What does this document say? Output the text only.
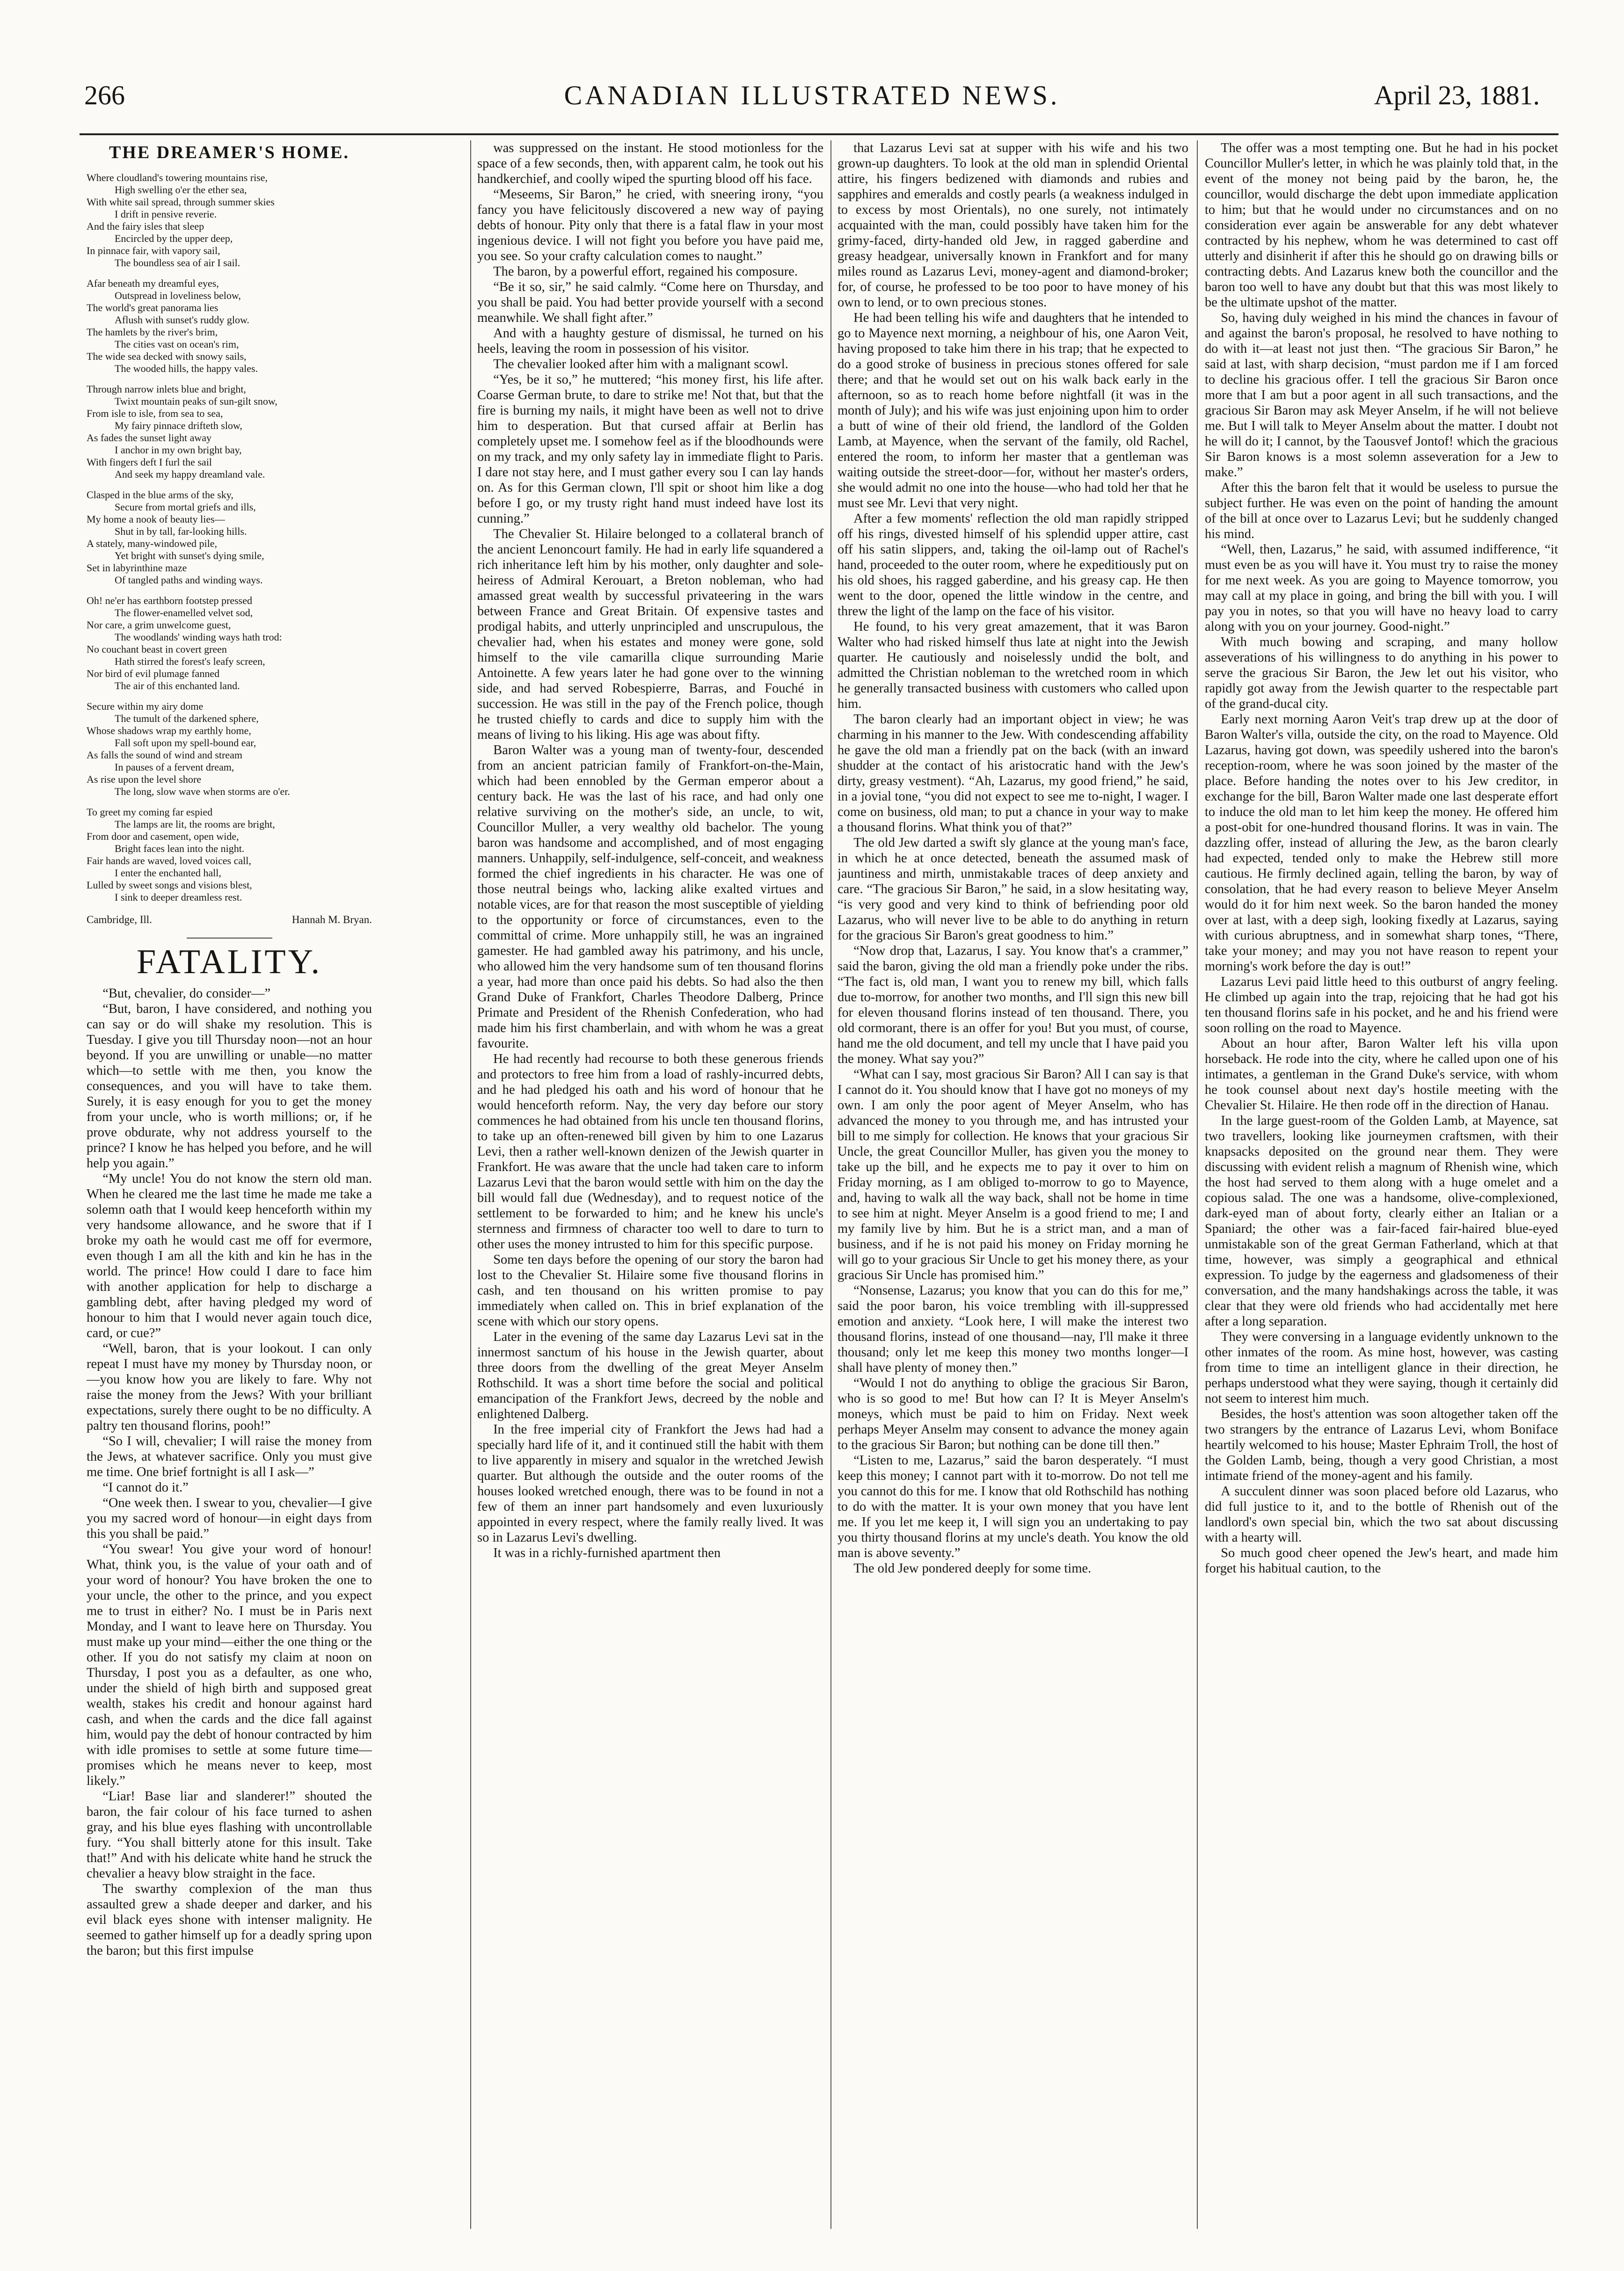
266	CANADIAN ILLUSTRATED NEWS.	April 23, 1881.
THE DREAMER'S HOME.
Where cloudland's towering mountains rise,
High swelling o'er the ether sea,
With white sail spread, through summer skies
I drift in pensive reverie.
And the fairy isles that sleep
Encircled by the upper deep,
In pinnace fair, with vapory sail,
The boundless sea of air I sail.
Afar beneath my dreamful eyes,
Outspread in loveliness below,
The world's great panorama lies
Aflush with sunset's ruddy glow.
The hamlets by the river's brim,
The cities vast on ocean's rim,
The wide sea decked with snowy sails,
The wooded hills, the happy vales.
Through narrow inlets blue and bright,
Twixt mountain peaks of sun-gilt snow,
From isle to isle, from sea to sea,
My fairy pinnace drifteth slow,
As fades the sunset light away
I anchor in my own bright bay,
With fingers deft I furl the sail
And seek my happy dreamland vale.
Clasped in the blue arms of the sky,
Secure from mortal griefs and ills,
My home a nook of beauty lies—
Shut in by tall, far-looking hills.
A stately, many-windowed pile,
Yet bright with sunset's dying smile,
Set in labyrinthine maze
Of tangled paths and winding ways.
Oh! ne'er has earthborn footstep pressed
The flower-enamelled velvet sod,
Nor care, a grim unwelcome guest,
The woodlands' winding ways hath trod:
No couchant beast in covert green
Hath stirred the forest's leafy screen,
Nor bird of evil plumage fanned
The air of this enchanted land.
Secure within my airy dome
The tumult of the darkened sphere,
Whose shadows wrap my earthly home,
Fall soft upon my spell-bound ear,
As falls the sound of wind and stream
In pauses of a fervent dream,
As rise upon the level shore
The long, slow wave when storms are o'er.
To greet my coming far espied
The lamps are lit, the rooms are bright,
From door and casement, open wide,
Bright faces lean into the night.
Fair hands are waved, loved voices call,
I enter the enchanted hall,
Lulled by sweet songs and visions blest,
I sink to deeper dreamless rest.
Cambridge, Ill.	Hannah M. Bryan.
FATALITY.

“But, chevalier, do consider—”

“But, baron, I have considered, and nothing you can say or do will shake my resolution. This is Tuesday. I give you till Thursday noon—not an hour beyond. If you are unwilling or unable—no matter which—to settle with me then, you know the consequences, and you will have to take them. Surely, it is easy enough for you to get the money from your uncle, who is worth millions; or, if he prove obdurate, why not address yourself to the prince? I know he has helped you before, and he will help you again.”

“My uncle! You do not know the stern old man. When he cleared me the last time he made me take a solemn oath that I would keep henceforth within my very handsome allowance, and he swore that if I broke my oath he would cast me off for evermore, even though I am all the kith and kin he has in the world. The prince! How could I dare to face him with another application for help to discharge a gambling debt, after having pledged my word of honour to him that I would never again touch dice, card, or cue?”

“Well, baron, that is your lookout. I can only repeat I must have my money by Thursday noon, or—you know how you are likely to fare. Why not raise the money from the Jews? With your brilliant expectations, surely there ought to be no difficulty. A paltry ten thousand florins, pooh!”

“So I will, chevalier; I will raise the money from the Jews, at whatever sacrifice. Only you must give me time. One brief fortnight is all I ask—”

“I cannot do it.”

“One week then. I swear to you, chevalier—I give you my sacred word of honour—in eight days from this you shall be paid.”

“You swear! You give your word of honour! What, think you, is the value of your oath and of your word of honour? You have broken the one to your uncle, the other to the prince, and you expect me to trust in either? No. I must be in Paris next Monday, and I want to leave here on Thursday. You must make up your mind—either the one thing or the other. If you do not satisfy my claim at noon on Thursday, I post you as a defaulter, as one who, under the shield of high birth and supposed great wealth, stakes his credit and honour against hard cash, and when the cards and the dice fall against him, would pay the debt of honour contracted by him with idle promises to settle at some future time—promises which he means never to keep, most likely.”

“Liar! Base liar and slanderer!” shouted the baron, the fair colour of his face turned to ashen gray, and his blue eyes flashing with uncontrollable fury. “You shall bitterly atone for this insult. Take that!” And with his delicate white hand he struck the chevalier a heavy blow straight in the face.

The swarthy complexion of the man thus assaulted grew a shade deeper and darker, and his evil black eyes shone with intenser malignity. He seemed to gather himself up for a deadly spring upon the baron; but this first impulse

was suppressed on the instant. He stood motionless for the space of a few seconds, then, with apparent calm, he took out his handkerchief, and coolly wiped the spurting blood off his face.

“Meseems, Sir Baron,” he cried, with sneering irony, “you fancy you have felicitously discovered a new way of paying debts of honour. Pity only that there is a fatal flaw in your most ingenious device. I will not fight you before you have paid me, you see. So your crafty calculation comes to naught.”

The baron, by a powerful effort, regained his composure.

“Be it so, sir,” he said calmly. “Come here on Thursday, and you shall be paid. You had better provide yourself with a second meanwhile. We shall fight after.”

And with a haughty gesture of dismissal, he turned on his heels, leaving the room in possession of his visitor.

The chevalier looked after him with a malignant scowl.

“Yes, be it so,” he muttered; “his money first, his life after. Coarse German brute, to dare to strike me! Not that, but that the fire is burning my nails, it might have been as well not to drive him to desperation. But that cursed affair at Berlin has completely upset me. I somehow feel as if the bloodhounds were on my track, and my only safety lay in immediate flight to Paris. I dare not stay here, and I must gather every sou I can lay hands on. As for this German clown, I'll spit or shoot him like a dog before I go, or my trusty right hand must indeed have lost its cunning.”

The Chevalier St. Hilaire belonged to a collateral branch of the ancient Lenoncourt family. He had in early life squandered a rich inheritance left him by his mother, only daughter and sole-heiress of Admiral Kerouart, a Breton nobleman, who had amassed great wealth by successful privateering in the wars between France and Great Britain. Of expensive tastes and prodigal habits, and utterly unprincipled and unscrupulous, the chevalier had, when his estates and money were gone, sold himself to the vile camarilla clique surrounding Marie Antoinette. A few years later he had gone over to the winning side, and had served Robespierre, Barras, and Fouché in succession. He was still in the pay of the French police, though he trusted chiefly to cards and dice to supply him with the means of living to his liking. His age was about fifty.

Baron Walter was a young man of twenty-four, descended from an ancient patrician family of Frankfort-on-the-Main, which had been ennobled by the German emperor about a century back. He was the last of his race, and had only one relative surviving on the mother's side, an uncle, to wit, Councillor Muller, a very wealthy old bachelor. The young baron was handsome and accomplished, and of most engaging manners. Unhappily, self-indulgence, self-conceit, and weakness formed the chief ingredients in his character. He was one of those neutral beings who, lacking alike exalted virtues and notable vices, are for that reason the most susceptible of yielding to the opportunity or force of circumstances, even to the committal of crime. More unhappily still, he was an ingrained gamester. He had gambled away his patrimony, and his uncle, who allowed him the very handsome sum of ten thousand florins a year, had more than once paid his debts. So had also the then Grand Duke of Frankfort, Charles Theodore Dalberg, Prince Primate and President of the Rhenish Confederation, who had made him his first chamberlain, and with whom he was a great favourite.

He had recently had recourse to both these generous friends and protectors to free him from a load of rashly-incurred debts, and he had pledged his oath and his word of honour that he would henceforth reform. Nay, the very day before our story commences he had obtained from his uncle ten thousand florins, to take up an often-renewed bill given by him to one Lazarus Levi, then a rather well-known denizen of the Jewish quarter in Frankfort. He was aware that the uncle had taken care to inform Lazarus Levi that the baron would settle with him on the day the bill would fall due (Wednesday), and to request notice of the settlement to be forwarded to him; and he knew his uncle's sternness and firmness of character too well to dare to turn to other uses the money intrusted to him for this specific purpose.

Some ten days before the opening of our story the baron had lost to the Chevalier St. Hilaire some five thousand florins in cash, and ten thousand on his written promise to pay immediately when called on. This in brief explanation of the scene with which our story opens.

Later in the evening of the same day Lazarus Levi sat in the innermost sanctum of his house in the Jewish quarter, about three doors from the dwelling of the great Meyer Anselm Rothschild. It was a short time before the social and political emancipation of the Frankfort Jews, decreed by the noble and enlightened Dalberg.

In the free imperial city of Frankfort the Jews had had a specially hard life of it, and it continued still the habit with them to live apparently in misery and squalor in the wretched Jewish quarter. But although the outside and the outer rooms of the houses looked wretched enough, there was to be found in not a few of them an inner part handsomely and even luxuriously appointed in every respect, where the family really lived. It was so in Lazarus Levi's dwelling.

It was in a richly-furnished apartment then

that Lazarus Levi sat at supper with his wife and his two grown-up daughters. To look at the old man in splendid Oriental attire, his fingers bedizened with diamonds and rubies and sapphires and emeralds and costly pearls (a weakness indulged in to excess by most Orientals), no one surely, not intimately acquainted with the man, could possibly have taken him for the grimy-faced, dirty-handed old Jew, in ragged gaberdine and greasy headgear, universally known in Frankfort and for many miles round as Lazarus Levi, money-agent and diamond-broker; for, of course, he professed to be too poor to have money of his own to lend, or to own precious stones.

He had been telling his wife and daughters that he intended to go to Mayence next morning, a neighbour of his, one Aaron Veit, having proposed to take him there in his trap; that he expected to do a good stroke of business in precious stones offered for sale there; and that he would set out on his walk back early in the afternoon, so as to reach home before nightfall (it was in the month of July); and his wife was just enjoining upon him to order a butt of wine of their old friend, the landlord of the Golden Lamb, at Mayence, when the servant of the family, old Rachel, entered the room, to inform her master that a gentleman was waiting outside the street-door—for, without her master's orders, she would admit no one into the house—who had told her that he must see Mr. Levi that very night.

After a few moments' reflection the old man rapidly stripped off his rings, divested himself of his splendid upper attire, cast off his satin slippers, and, taking the oil-lamp out of Rachel's hand, proceeded to the outer room, where he expeditiously put on his old shoes, his ragged gaberdine, and his greasy cap. He then went to the door, opened the little window in the centre, and threw the light of the lamp on the face of his visitor.

He found, to his very great amazement, that it was Baron Walter who had risked himself thus late at night into the Jewish quarter. He cautiously and noiselessly undid the bolt, and admitted the Christian nobleman to the wretched room in which he generally transacted business with customers who called upon him.

The baron clearly had an important object in view; he was charming in his manner to the Jew. With condescending affability he gave the old man a friendly pat on the back (with an inward shudder at the contact of his aristocratic hand with the Jew's dirty, greasy vestment). “Ah, Lazarus, my good friend,” he said, in a jovial tone, “you did not expect to see me to-night, I wager. I come on business, old man; to put a chance in your way to make a thousand florins. What think you of that?”

The old Jew darted a swift sly glance at the young man's face, in which he at once detected, beneath the assumed mask of jauntiness and mirth, unmistakable traces of deep anxiety and care. “The gracious Sir Baron,” he said, in a slow hesitating way, “is very good and very kind to think of befriending poor old Lazarus, who will never live to be able to do anything in return for the gracious Sir Baron's great goodness to him.”

“Now drop that, Lazarus, I say. You know that's a crammer,” said the baron, giving the old man a friendly poke under the ribs. “The fact is, old man, I want you to renew my bill, which falls due to-morrow, for another two months, and I'll sign this new bill for eleven thousand florins instead of ten thousand. There, you old cormorant, there is an offer for you! But you must, of course, hand me the old document, and tell my uncle that I have paid you the money. What say you?”

“What can I say, most gracious Sir Baron? All I can say is that I cannot do it. You should know that I have got no moneys of my own. I am only the poor agent of Meyer Anselm, who has advanced the money to you through me, and has intrusted your bill to me simply for collection. He knows that your gracious Sir Uncle, the great Councillor Muller, has given you the money to take up the bill, and he expects me to pay it over to him on Friday morning, as I am obliged to-morrow to go to Mayence, and, having to walk all the way back, shall not be home in time to see him at night. Meyer Anselm is a good friend to me; I and my family live by him. But he is a strict man, and a man of business, and if he is not paid his money on Friday morning he will go to your gracious Sir Uncle to get his money there, as your gracious Sir Uncle has promised him.”

“Nonsense, Lazarus; you know that you can do this for me,” said the poor baron, his voice trembling with ill-suppressed emotion and anxiety. “Look here, I will make the interest two thousand florins, instead of one thousand—nay, I'll make it three thousand; only let me keep this money two months longer—I shall have plenty of money then.”

“Would I not do anything to oblige the gracious Sir Baron, who is so good to me! But how can I? It is Meyer Anselm's moneys, which must be paid to him on Friday. Next week perhaps Meyer Anselm may consent to advance the money again to the gracious Sir Baron; but nothing can be done till then.”

“Listen to me, Lazarus,” said the baron desperately. “I must keep this money; I cannot part with it to-morrow. Do not tell me you cannot do this for me. I know that old Rothschild has nothing to do with the matter. It is your own money that you have lent me. If you let me keep it, I will sign you an undertaking to pay you thirty thousand florins at my uncle's death. You know the old man is above seventy.”

The old Jew pondered deeply for some time.

The offer was a most tempting one. But he had in his pocket Councillor Muller's letter, in which he was plainly told that, in the event of the money not being paid by the baron, he, the councillor, would discharge the debt upon immediate application to him; but that he would under no circumstances and on no consideration ever again be answerable for any debt whatever contracted by his nephew, whom he was determined to cast off utterly and disinherit if after this he should go on drawing bills or contracting debts. And Lazarus knew both the councillor and the baron too well to have any doubt but that this was most likely to be the ultimate upshot of the matter.

So, having duly weighed in his mind the chances in favour of and against the baron's proposal, he resolved to have nothing to do with it—at least not just then. “The gracious Sir Baron,” he said at last, with sharp decision, “must pardon me if I am forced to decline his gracious offer. I tell the gracious Sir Baron once more that I am but a poor agent in all such transactions, and the gracious Sir Baron may ask Meyer Anselm, if he will not believe me. But I will talk to Meyer Anselm about the matter. I doubt not he will do it; I cannot, by the Taousvef Jontof! which the gracious Sir Baron knows is a most solemn asseveration for a Jew to make.”

After this the baron felt that it would be useless to pursue the subject further. He was even on the point of handing the amount of the bill at once over to Lazarus Levi; but he suddenly changed his mind.

“Well, then, Lazarus,” he said, with assumed indifference, “it must even be as you will have it. You must try to raise the money for me next week. As you are going to Mayence tomorrow, you may call at my place in going, and bring the bill with you. I will pay you in notes, so that you will have no heavy load to carry along with you on your journey. Good-night.”

With much bowing and scraping, and many hollow asseverations of his willingness to do anything in his power to serve the gracious Sir Baron, the Jew let out his visitor, who rapidly got away from the Jewish quarter to the respectable part of the grand-ducal city.

Early next morning Aaron Veit's trap drew up at the door of Baron Walter's villa, outside the city, on the road to Mayence. Old Lazarus, having got down, was speedily ushered into the baron's reception-room, where he was soon joined by the master of the place. Before handing the notes over to his Jew creditor, in exchange for the bill, Baron Walter made one last desperate effort to induce the old man to let him keep the money. He offered him a post-obit for one-hundred thousand florins. It was in vain. The dazzling offer, instead of alluring the Jew, as the baron clearly had expected, tended only to make the Hebrew still more cautious. He firmly declined again, telling the baron, by way of consolation, that he had every reason to believe Meyer Anselm would do it for him next week. So the baron handed the money over at last, with a deep sigh, looking fixedly at Lazarus, saying with curious abruptness, and in somewhat sharp tones, “There, take your money; and may you not have reason to repent your morning's work before the day is out!”

Lazarus Levi paid little heed to this outburst of angry feeling. He climbed up again into the trap, rejoicing that he had got his ten thousand florins safe in his pocket, and he and his friend were soon rolling on the road to Mayence.

About an hour after, Baron Walter left his villa upon horseback. He rode into the city, where he called upon one of his intimates, a gentleman in the Grand Duke's service, with whom he took counsel about next day's hostile meeting with the Chevalier St. Hilaire. He then rode off in the direction of Hanau.

In the large guest-room of the Golden Lamb, at Mayence, sat two travellers, looking like journeymen craftsmen, with their knapsacks deposited on the ground near them. They were discussing with evident relish a magnum of Rhenish wine, which the host had served to them along with a huge omelet and a copious salad. The one was a handsome, olive-complexioned, dark-eyed man of about forty, clearly either an Italian or a Spaniard; the other was a fair-faced fair-haired blue-eyed unmistakable son of the great German Fatherland, which at that time, however, was simply a geographical and ethnical expression. To judge by the eagerness and gladsomeness of their conversation, and the many handshakings across the table, it was clear that they were old friends who had accidentally met here after a long separation.

They were conversing in a language evidently unknown to the other inmates of the room. As mine host, however, was casting from time to time an intelligent glance in their direction, he perhaps understood what they were saying, though it certainly did not seem to interest him much.

Besides, the host's attention was soon altogether taken off the two strangers by the entrance of Lazarus Levi, whom Boniface heartily welcomed to his house; Master Ephraim Troll, the host of the Golden Lamb, being, though a very good Christian, a most intimate friend of the money-agent and his family.

A succulent dinner was soon placed before old Lazarus, who did full justice to it, and to the bottle of Rhenish out of the landlord's own special bin, which the two sat about discussing with a hearty will.

So much good cheer opened the Jew's heart, and made him forget his habitual caution, to the
